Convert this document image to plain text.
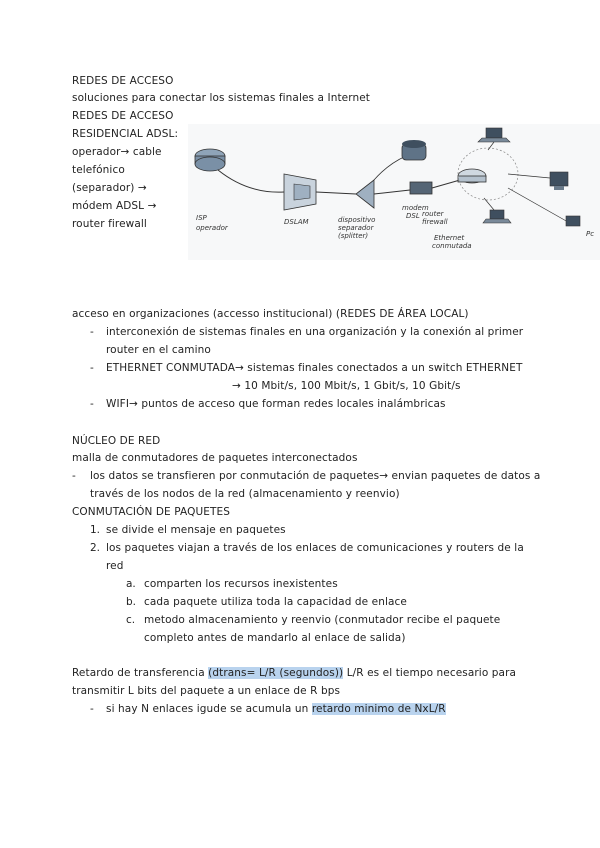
REDES DE ACCESO
soluciones para conectar los sistemas finales a Internet
REDES DE ACCESO
RESIDENCIAL ADSL:
operador→ cable
telefónico
(separador) →
módem ADSL →
router firewall	ISP
operador
DSLAM	dispositivo
separador
(splitter)
modem
DSL router
firewall
Pc
Ethernet
conmutada
acceso en organizaciones (accesso institucional) (REDES DE ÁREA LOCAL)
- interconexión de sistemas finales en una organización y la conexión al primer
router en el camino
- ETHERNET CONMUTADA→ sistemas finales conectados a un switch ETHERNET
→ 10 Mbit/s, 100 Mbit/s, 1 Gbit/s, 10 Gbit/s
- WIFI→ puntos de acceso que forman redes locales inalámbricas
NÚCLEO DE RED
malla de conmutadores de paquetes interconectados
- los datos se transfieren por conmutación de paquetes→ envian paquetes de datos a
través de los nodos de la red (almacenamiento y reenvio)
CONMUTACIÓN DE PAQUETES
1. se divide el mensaje en paquetes
2. los paquetes viajan a través de los enlaces de comunicaciones y routers de la
red
a. comparten los recursos inexistentes
b. cada paquete utiliza toda la capacidad de enlace
c. metodo almacenamiento y reenvio (conmutador recibe el paquete
completo antes de mandarlo al enlace de salida)
Retardo de transferencia (dtrans= L/R (segundos)) L/R es el tiempo necesario para
transmitir L bits del paquete a un enlace de R bps
- si hay N enlaces igude se acumula un retardo minimo de NxL/R
